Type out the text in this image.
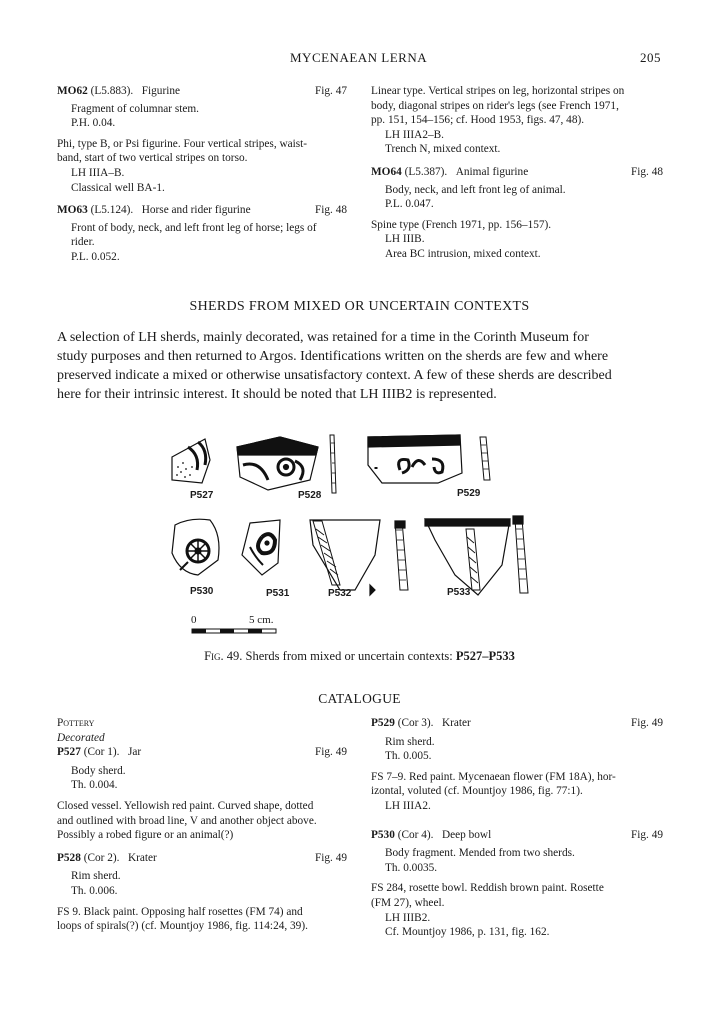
MYCENAEAN LERNA	205
MO62 (L5.883). Figurine	Fig. 47
Fragment of columnar stem.
P.H. 0.04.
Phi, type B, or Psi figurine. Four vertical stripes, waist-
band, start of two vertical stripes on torso.
LH IIIA–B.
Classical well BA-1.
MO63 (L5.124). Horse and rider figurine	Fig. 48
Front of body, neck, and left front leg of horse; legs of
rider.
P.L. 0.052.
Linear type. Vertical stripes on leg, horizontal stripes on
body, diagonal stripes on rider's legs (see French 1971,
pp. 151, 154–156; cf. Hood 1953, figs. 47, 48).
LH IIIA2–B.
Trench N, mixed context.
MO64 (L5.387). Animal figurine	Fig. 48
Body, neck, and left front leg of animal.
P.L. 0.047.
Spine type (French 1971, pp. 156–157).
LH IIIB.
Area BC intrusion, mixed context.
SHERDS FROM MIXED OR UNCERTAIN CONTEXTS
A selection of LH sherds, mainly decorated, was retained for a time in the Corinth Museum for
study purposes and then returned to Argos. Identifications written on the sherds are few and where
preserved indicate a mixed or otherwise unsatisfactory context. A few of these sherds are described
here for their intrinsic interest. It should be noted that LH IIIB2 is represented.
P527	P528	P529
P530	P531	P532	P533
0	5 cm.
Fig. 49. Sherds from mixed or uncertain contexts: P527–P533
CATALOGUE
Pottery
Decorated
P527 (Cor 1). Jar	Fig. 49
Body sherd.
Th. 0.004.
Closed vessel. Yellowish red paint. Curved shape, dotted
and outlined with broad line, V and another object above.
Possibly a robed figure or an animal(?)
P528 (Cor 2). Krater	Fig. 49
Rim sherd.
Th. 0.006.
FS 9. Black paint. Opposing half rosettes (FM 74) and
loops of spirals(?) (cf. Mountjoy 1986, fig. 114:24, 39).
P529 (Cor 3). Krater	Fig. 49
Rim sherd.
Th. 0.005.
FS 7–9. Red paint. Mycenaean flower (FM 18A), hor-
izontal, voluted (cf. Mountjoy 1986, fig. 77:1).
LH IIIA2.
P530 (Cor 4). Deep bowl	Fig. 49
Body fragment. Mended from two sherds.
Th. 0.0035.
FS 284, rosette bowl. Reddish brown paint. Rosette
(FM 27), wheel.
LH IIIB2.
Cf. Mountjoy 1986, p. 131, fig. 162.
